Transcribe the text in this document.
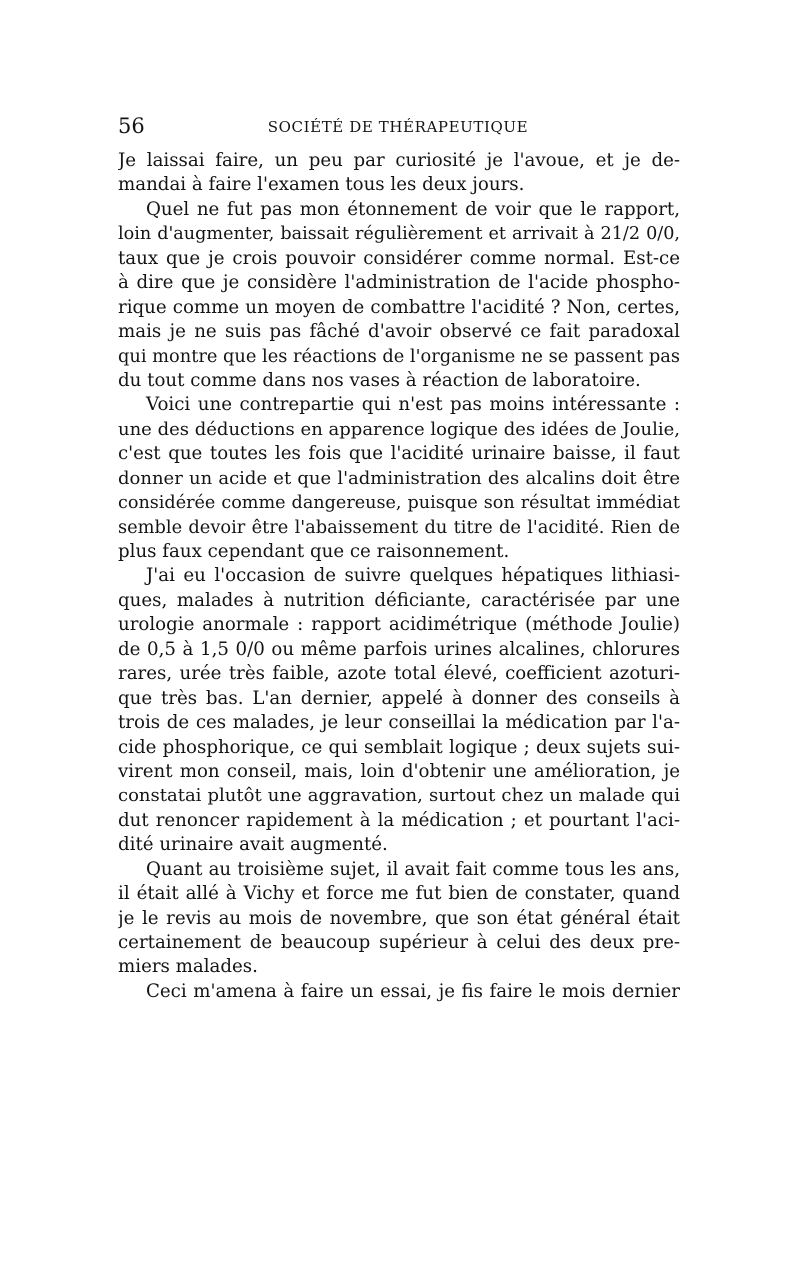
56	SOCIÉTÉ DE THÉRAPEUTIQUE
Je laissai faire, un peu par curiosité je l'avoue, et je de-
mandai à faire l'examen tous les deux jours.
Quel ne fut pas mon étonnement de voir que le rapport,
loin d'augmenter, baissait régulièrement et arrivait à 21/2 0/0,
taux que je crois pouvoir considérer comme normal. Est-ce
à dire que je considère l'administration de l'acide phospho-
rique comme un moyen de combattre l'acidité ? Non, certes,
mais je ne suis pas fâché d'avoir observé ce fait paradoxal
qui montre que les réactions de l'organisme ne se passent pas
du tout comme dans nos vases à réaction de laboratoire.
Voici une contrepartie qui n'est pas moins intéressante :
une des déductions en apparence logique des idées de Joulie,
c'est que toutes les fois que l'acidité urinaire baisse, il faut
donner un acide et que l'administration des alcalins doit être
considérée comme dangereuse, puisque son résultat immédiat
semble devoir être l'abaissement du titre de l'acidité. Rien de
plus faux cependant que ce raisonnement.
J'ai eu l'occasion de suivre quelques hépatiques lithiasi-
ques, malades à nutrition déficiante, caractérisée par une
urologie anormale : rapport acidimétrique (méthode Joulie)
de 0,5 à 1,5 0/0 ou même parfois urines alcalines, chlorures
rares, urée très faible, azote total élevé, coefficient azoturi-
que très bas. L'an dernier, appelé à donner des conseils à
trois de ces malades, je leur conseillai la médication par l'a-
cide phosphorique, ce qui semblait logique ; deux sujets sui-
virent mon conseil, mais, loin d'obtenir une amélioration, je
constatai plutôt une aggravation, surtout chez un malade qui
dut renoncer rapidement à la médication ; et pourtant l'aci-
dité urinaire avait augmenté.
Quant au troisième sujet, il avait fait comme tous les ans,
il était allé à Vichy et force me fut bien de constater, quand
je le revis au mois de novembre, que son état général était
certainement de beaucoup supérieur à celui des deux pre-
miers malades.
Ceci m'amena à faire un essai, je fis faire le mois dernier
